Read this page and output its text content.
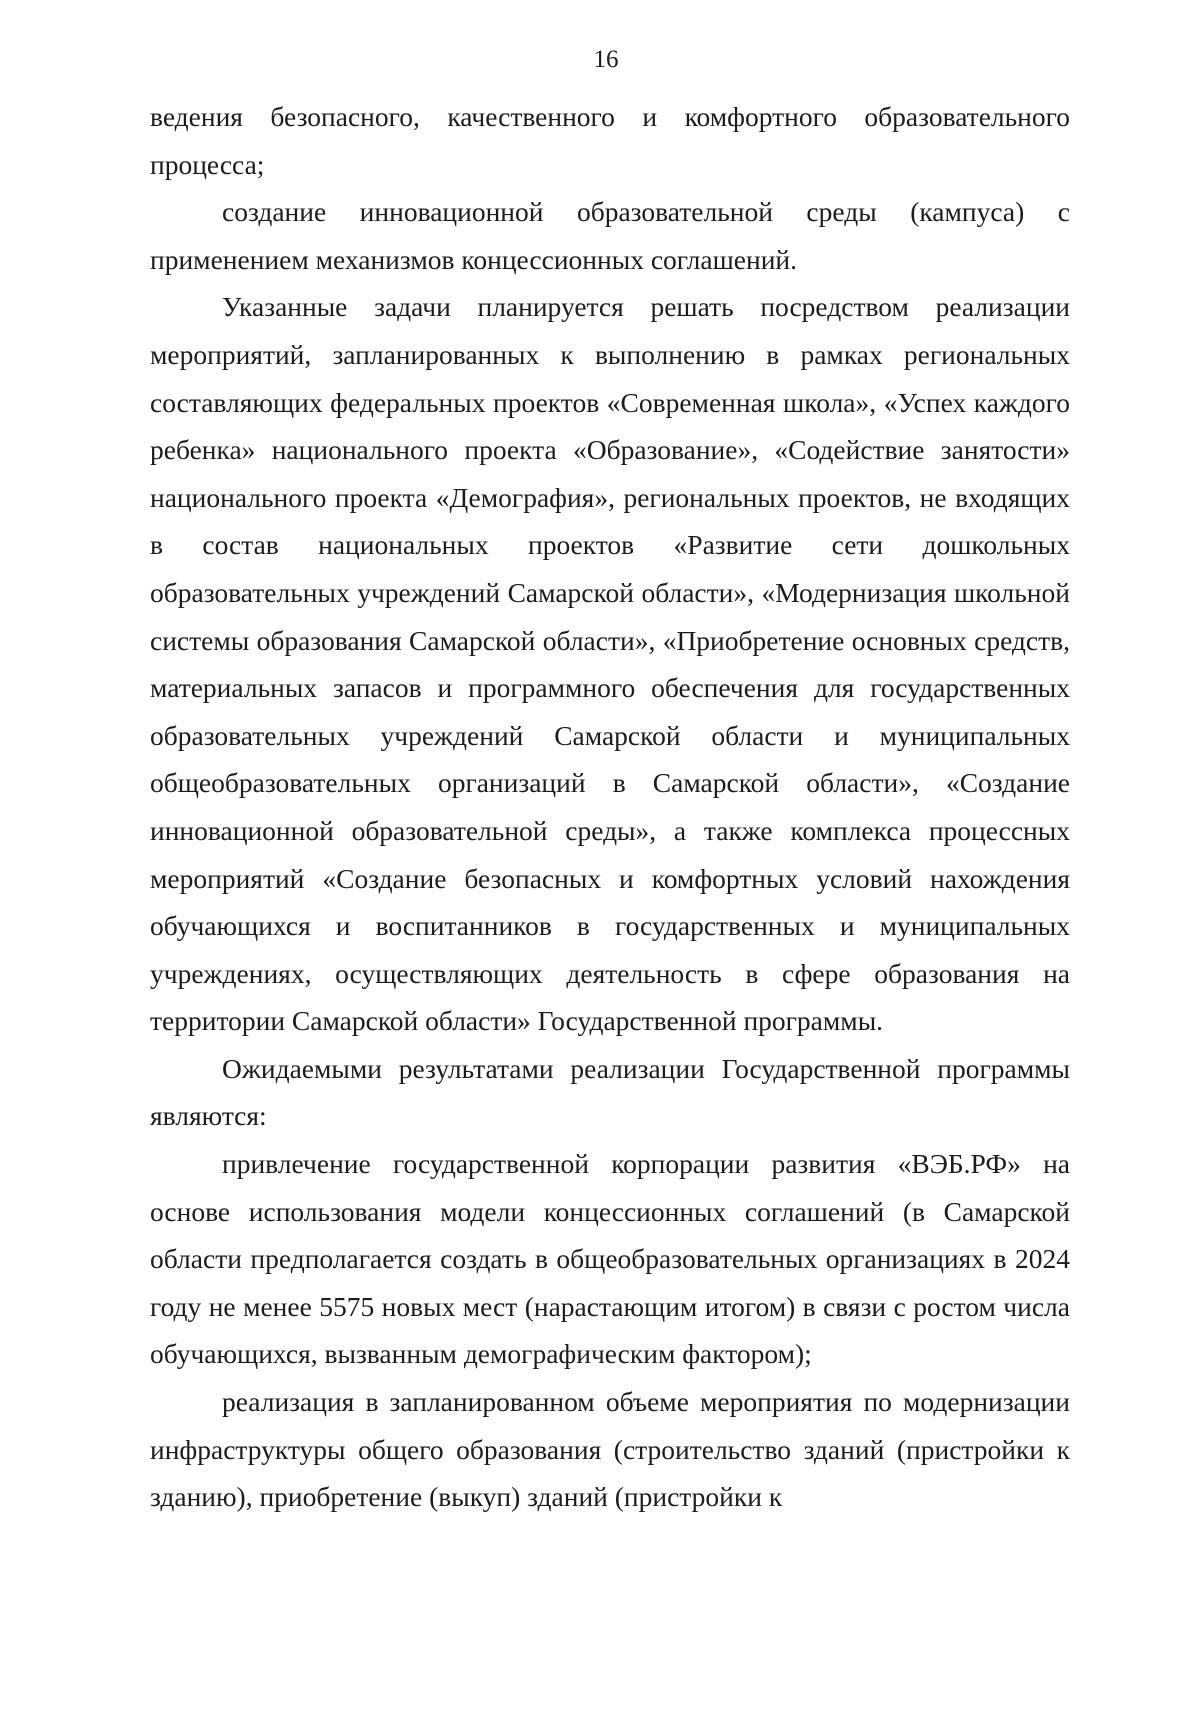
16

ведения безопасного, качественного и комфортного образовательного процесса;

создание инновационной образовательной среды (кампуса) с применением механизмов концессионных соглашений.

Указанные задачи планируется решать посредством реализации мероприятий, запланированных к выполнению в рамках региональных составляющих федеральных проектов «Современная школа», «Успех каждого ребенка» национального проекта «Образование», «Содействие занятости» национального проекта «Демография», региональных проектов, не входящих в состав национальных проектов «Развитие сети дошкольных образовательных учреждений Самарской области», «Модернизация школьной системы образования Самарской области», «Приобретение основных средств, материальных запасов и программного обеспечения для государственных образовательных учреждений Самарской области и муниципальных общеобразовательных организаций в Самарской области», «Создание инновационной образовательной среды», а также комплекса процессных мероприятий «Создание безопасных и комфортных условий нахождения обучающихся и воспитанников в государственных и муниципальных учреждениях, осуществляющих деятельность в сфере образования на территории Самарской области» Государственной программы.

Ожидаемыми результатами реализации Государственной программы являются:

привлечение государственной корпорации развития «ВЭБ.РФ» на основе использования модели концессионных соглашений (в Самарской области предполагается создать в общеобразовательных организациях в 2024 году не менее 5575 новых мест (нарастающим итогом) в связи с ростом числа обучающихся, вызванным демографическим фактором);

реализация в запланированном объеме мероприятия по модернизации инфраструктуры общего образования (строительство зданий (пристройки к зданию), приобретение (выкуп) зданий (пристройки к
